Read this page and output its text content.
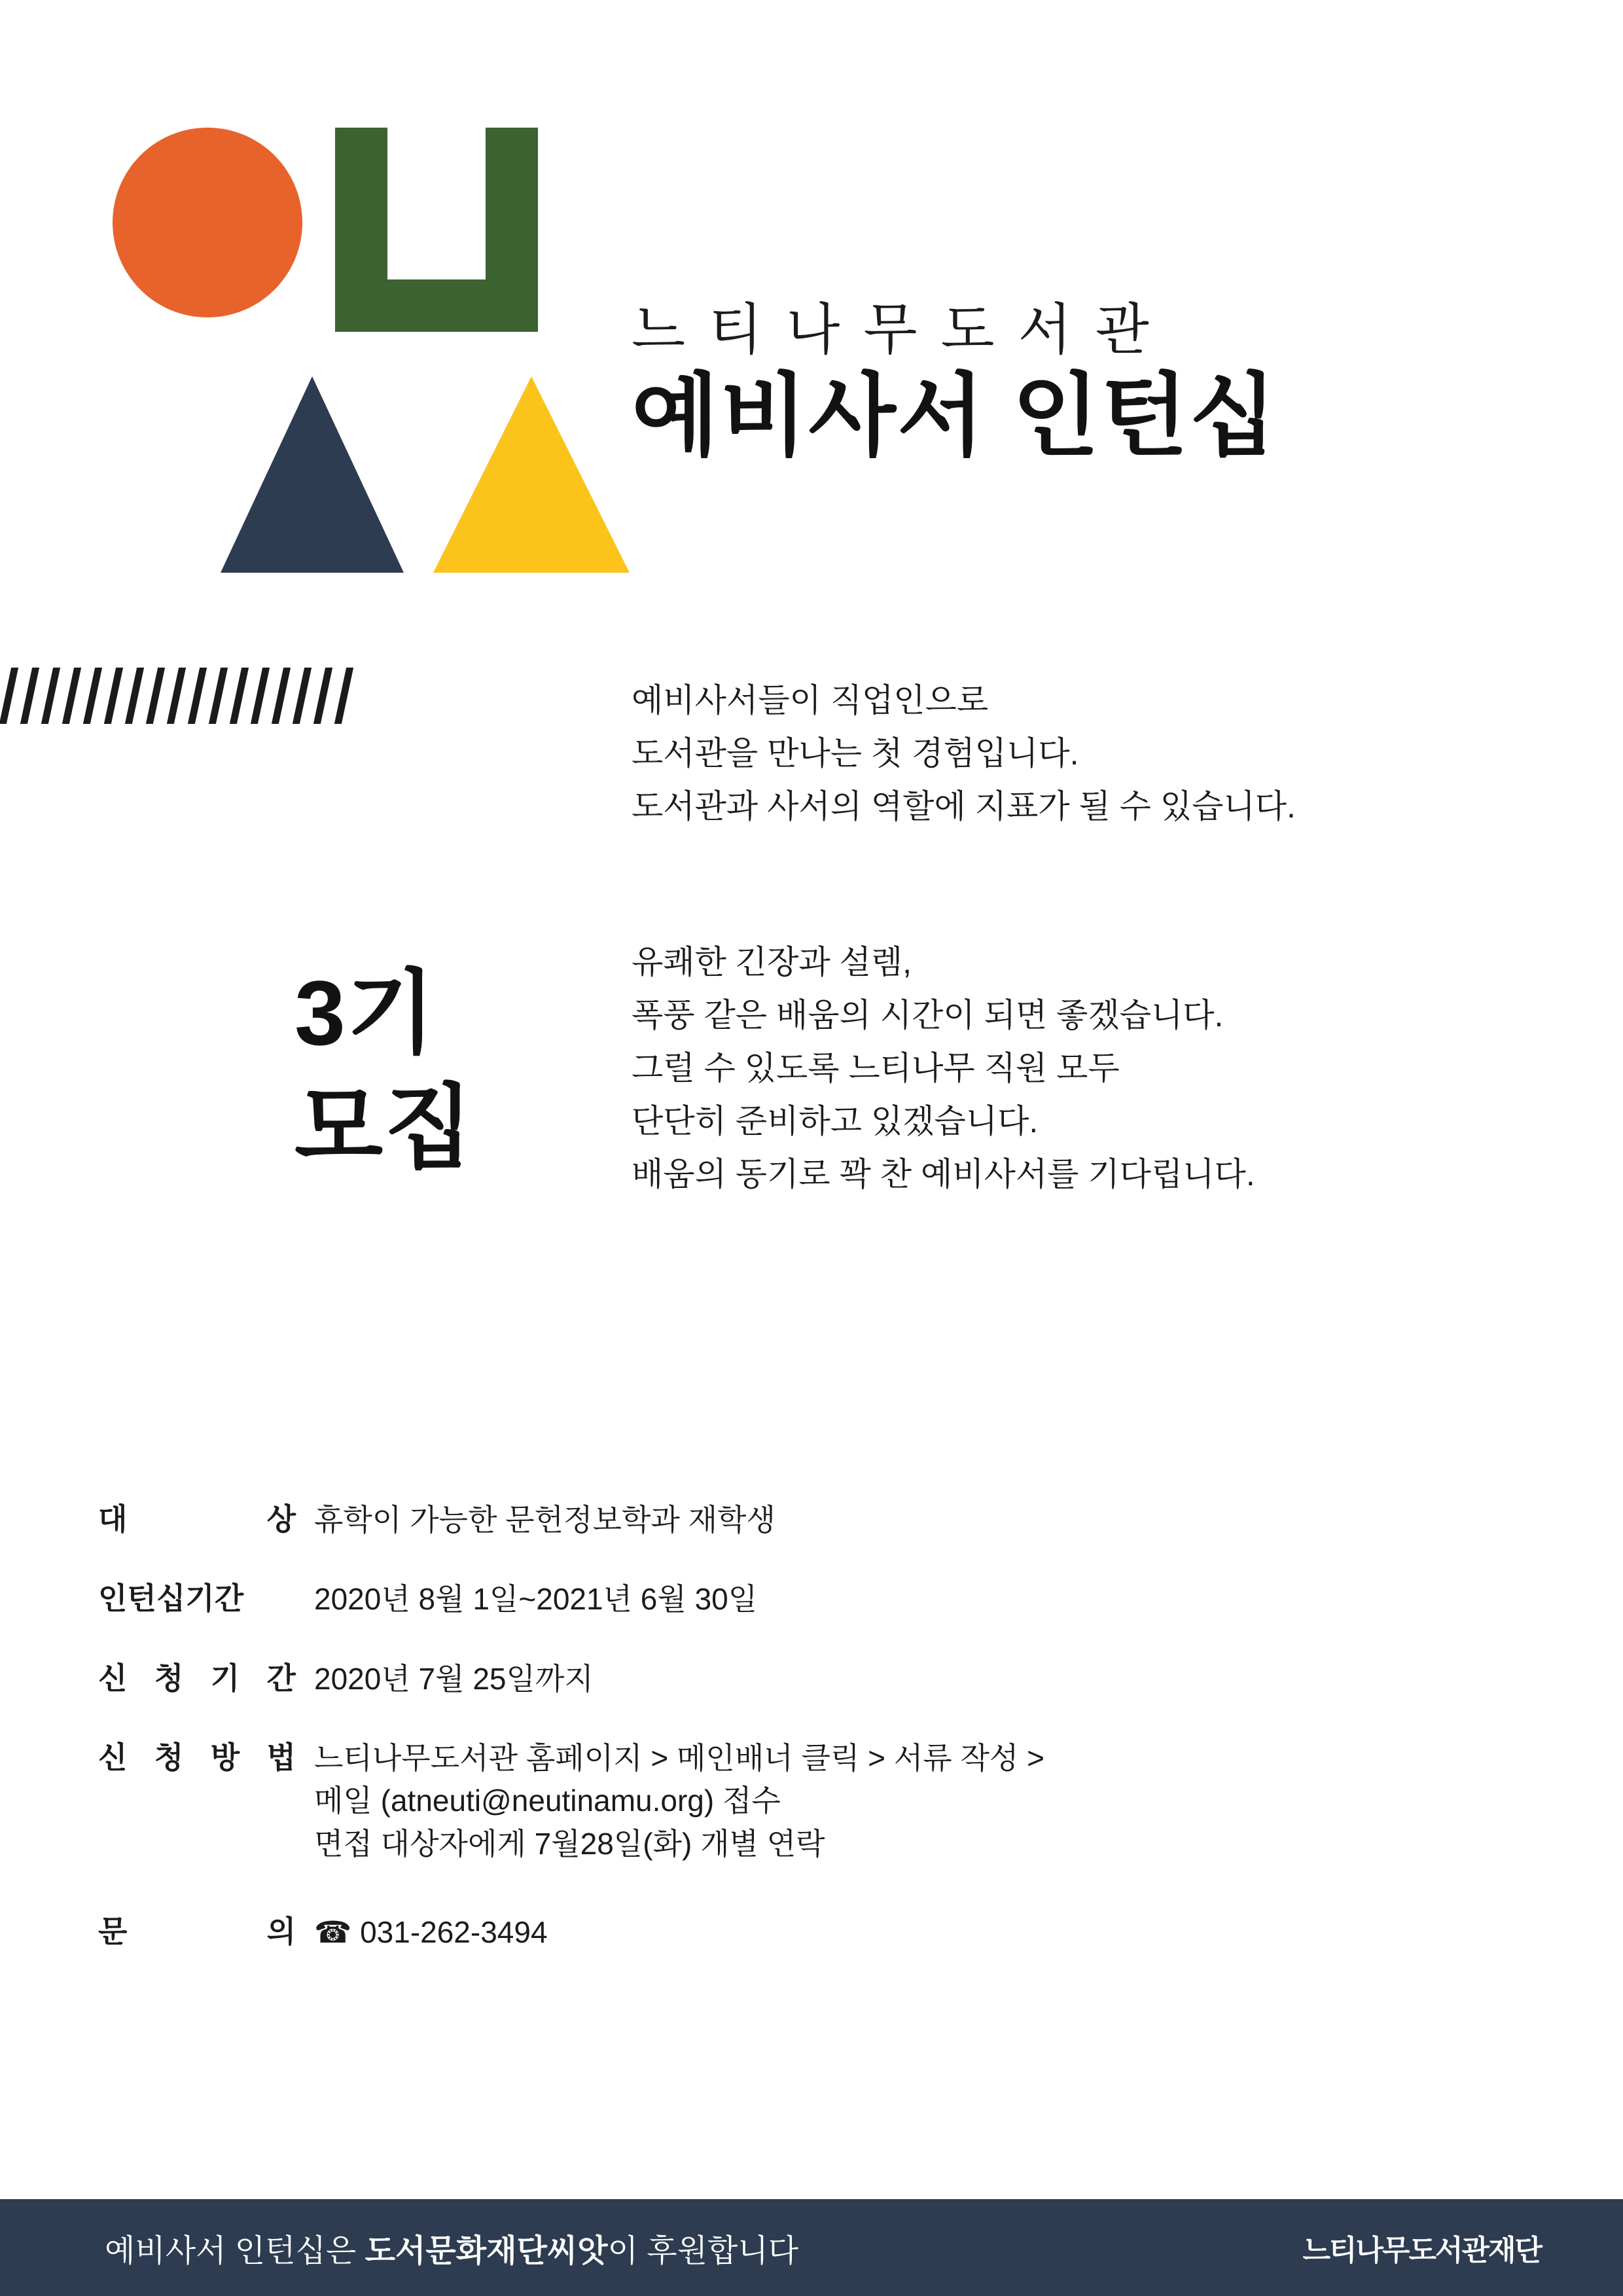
느티나무도서관
예비사서 인턴십
예비사서들이 직업인으로
도서관을 만나는 첫 경험입니다.
도서관과 사서의 역할에 지표가 될 수 있습니다.
유쾌한 긴장과 설렘,
폭풍 같은 배움의 시간이 되면 좋겠습니다.
그럴 수 있도록 느티나무 직원 모두
단단히 준비하고 있겠습니다.
배움의 동기로 꽉 찬 예비사서를 기다립니다.
3기
모집
대	상 휴학이 가능한 문헌정보학과 재학생
인턴십기간	2020년 8월 1일~2021년 6월 30일
신 청 기 간 2020년 7월 25일까지
신 청 방 법 느티나무도서관 홈페이지 > 메인배너 클릭 > 서류 작성 >
메일 (atneuti@neutinamu.org) 접수
면접 대상자에게 7월28일(화) 개별 연락
문	의 ☎ 031-262-3494
예비사서 인턴십은 도서문화재단씨앗이 후원합니다	느티나무도서관재단
